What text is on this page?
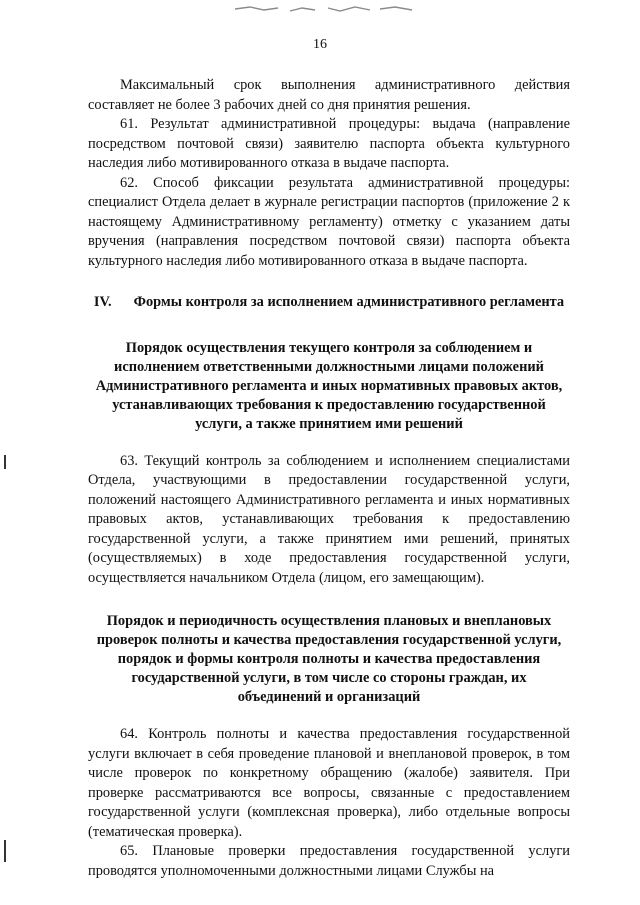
16

Максимальный срок выполнения административного действия составляет не более 3 рабочих дней со дня принятия решения.

61. Результат административной процедуры: выдача (направление посредством почтовой связи) заявителю паспорта объекта культурного наследия либо мотивированного отказа в выдаче паспорта.

62. Способ фиксации результата административной процедуры: специалист Отдела делает в журнале регистрации паспортов (приложение 2 к настоящему Административному регламенту) отметку с указанием даты вручения (направления посредством почтовой связи) паспорта объекта культурного наследия либо мотивированного отказа в выдаче паспорта.

IV. Формы контроля за исполнением административного регламента
Порядок осуществления текущего контроля за соблюдением и исполнением ответственными должностными лицами положений Административного регламента и иных нормативных правовых актов, устанавливающих требования к предоставлению государственной услуги, а также принятием ими решений

63. Текущий контроль за соблюдением и исполнением специалистами Отдела, участвующими в предоставлении государственной услуги, положений настоящего Административного регламента и иных нормативных правовых актов, устанавливающих требования к предоставлению государственной услуги, а также принятием ими решений, принятых (осуществляемых) в ходе предоставления государственной услуги, осуществляется начальником Отдела (лицом, его замещающим).

Порядок и периодичность осуществления плановых и внеплановых проверок полноты и качества предоставления государственной услуги, порядок и формы контроля полноты и качества предоставления государственной услуги, в том числе со стороны граждан, их объединений и организаций

64. Контроль полноты и качества предоставления государственной услуги включает в себя проведение плановой и внеплановой проверок, в том числе проверок по конкретному обращению (жалобе) заявителя. При проверке рассматриваются все вопросы, связанные с предоставлением государственной услуги (комплексная проверка), либо отдельные вопросы (тематическая проверка).

65. Плановые проверки предоставления государственной услуги проводятся уполномоченными должностными лицами Службы на
